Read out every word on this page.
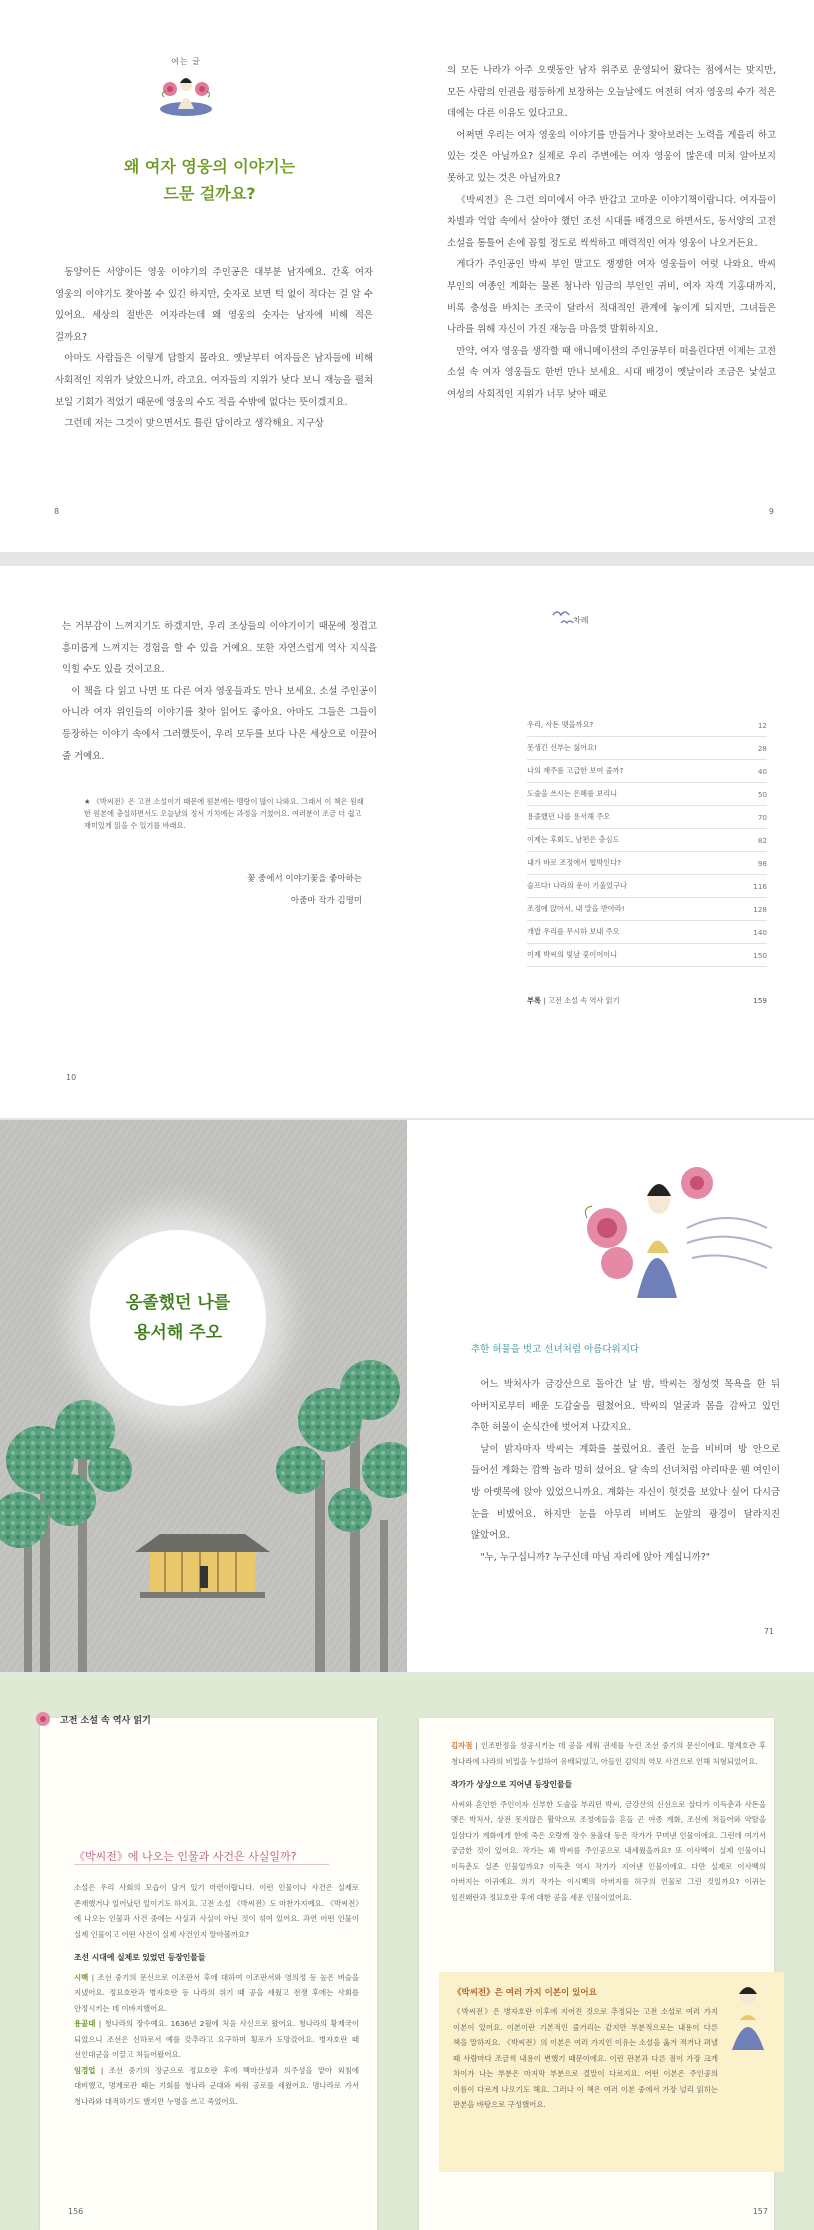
여는 글
왜 여자 영웅의 이야기는
드문 걸까요?

동양이든 서양이든 영웅 이야기의 주인공은 대부분 남자예요. 간혹 여자 영웅의 이야기도 찾아볼 수 있긴 하지만, 숫자로 보면 턱 없이 적다는 걸 알 수 있어요. 세상의 절반은 여자라는데 왜 영웅의 숫자는 남자에 비해 적은 걸까요?

아마도 사람들은 이렇게 답할지 몰라요. 옛날부터 여자들은 남자들에 비해 사회적인 지위가 낮았으니까, 라고요. 여자들의 지위가 낮다 보니 재능을 펼쳐 보일 기회가 적었기 때문에 영웅의 수도 적을 수밖에 없다는 뜻이겠지요.

그런데 저는 그것이 맞으면서도 틀린 답이라고 생각해요. 지구상

8

의 모든 나라가 아주 오랫동안 남자 위주로 운영되어 왔다는 점에서는 맞지만, 모든 사람의 인권을 평등하게 보장하는 오늘날에도 여전히 여자 영웅의 수가 적은 데에는 다른 이유도 있다고요.

어쩌면 우리는 여자 영웅의 이야기를 만들거나 찾아보려는 노력을 게을리 하고 있는 것은 아닐까요? 실제로 우리 주변에는 여자 영웅이 많은데 미처 알아보지 못하고 있는 것은 아닐까요?

《박씨전》은 그런 의미에서 아주 반갑고 고마운 이야기책이랍니다. 여자들이 차별과 억압 속에서 살아야 했던 조선 시대를 배경으로 하면서도, 동서양의 고전 소설을 통틀어 손에 꼽힐 정도로 씩씩하고 매력적인 여자 영웅이 나오거든요.

게다가 주인공인 박씨 부인 말고도 쟁쟁한 여자 영웅들이 여럿 나와요. 박씨 부인의 여종인 계화는 물론 청나라 임금의 부인인 귀비, 여자 자객 기홍대까지, 비록 충성을 바치는 조국이 달라서 적대적인 관계에 놓이게 되지만, 그녀들은 나라를 위해 자신이 가진 재능을 마음껏 발휘하지요.

만약, 여자 영웅을 생각할 때 애니메이션의 주인공부터 떠올린다면 이제는 고전 소설 속 여자 영웅들도 한번 만나 보세요. 시대 배경이 옛날이라 조금은 낯설고 여성의 사회적인 지위가 너무 낮아 때로

9

는 거부감이 느껴지기도 하겠지만, 우리 조상들의 이야기이기 때문에 정겹고 흥미롭게 느껴지는 경험을 할 수 있을 거예요. 또한 자연스럽게 역사 지식을 익힐 수도 있을 것이고요.

이 책을 다 읽고 나면 또 다른 여자 영웅들과도 만나 보세요. 소설 주인공이 아니라 여자 위인들의 이야기를 찾아 읽어도 좋아요. 아마도 그들은 그들이 등장하는 이야기 속에서 그러했듯이, 우리 모두를 보다 나은 세상으로 이끌어 줄 거예요.

★ 《박씨전》은 고전 소설이기 때문에 원본에는 맹랑이 많이 나와요. 그래서 이 책은 원래한 원본에 충실하면서도 오늘날의 정서 가치에는 과정을 거쳤어요. 여러분이 조금 더 쉽고 재미있게 읽을 수 있기를 바래요.
꽃 중에서 이야기꽃을 좋아하는
아줌마 작가 김명미
10
차례
우리, 사돈 맺을까요?	12
못생긴 신부는 싫어요!	28
나의 재주를 고급한 보여 줄까?	40
도술을 쓰시는 은혜를 보리니	50
용졸했던 나를 용서해 주오	70
이제는 후회도, 남편은 충심도	82
내가 바로 조정에서 협박인다?	98
슬프다! 나라의 운이 기울었구나	116
조정에 앉아서, 내 말을 받아라!	128
개밥 우리를 무시하 보내 주오	140
이제 박씨의 빛날 꽃이어이니	150
부록 | 고전 소설 속 역사 읽기	159
옹졸했던 나를
용서해 주오
추한 허물을 벗고 선녀처럼 아름다워지다

어느 박처사가 금강산으로 돌아간 날 밤, 박씨는 정성껏 목욕을 한 뒤 아버지로부터 배운 도갑술을 펼쳤어요. 박씨의 얼굴과 몸을 감싸고 있던 추한 허물이 순식간에 벗어져 나갔지요.

날이 밝자마자 박씨는 계화를 불렀어요. 졸린 눈을 비비며 방 안으로 들어선 계화는 깜짝 놀라 멍히 섰어요. 달 속의 선녀처럼 아리따운 웬 여인이 방 아랫목에 앉아 있었으니까요. 계화는 자신이 헛것을 보았나 싶어 다시금 눈을 비볐어요. 하지만 눈을 아무리 비벼도 눈앞의 광경이 달라지진 않았어요.

"누, 누구십니까? 누구신데 마님 자리에 앉아 계십니까?"

71
고전 소설 속 역사 읽기
《박씨전》에 나오는 인물과 사건은 사실일까?

소설은 우리 사회의 모습이 담겨 있기 마련이랍니다. 이런 인물이나 사건은 실제로 존재했거나 일어났던 일이기도 하지요. 고전 소설 《박씨전》도 마찬가지예요. 《박씨전》에 나오는 인물과 사건 중에는 사실과 사실이 아닌 것이 섞여 있어요. 과연 어떤 인물이 실제 인물이고 어떤 사건이 실제 사건인지 알아볼까요?

조선 시대에 실제로 있었던 등장인물들

시백 | 조선 중기의 문신으로 이조판서 후에 대하여 이조판서와 영의정 등 높은 벼슬을 지냈어요. 정묘호란과 병자호란 등 나라의 위기 때 공을 세웠고 전쟁 후에는 사회를 안정시키는 데 이바지했어요.

용골대 | 청나라의 장수예요. 1636년 2월에 처음 사신으로 왔어요. 청나라의 황제국이 되었으니 조선은 신하로서 예를 갖추라고 요구하며 횡포가 도망갔어요. 병자호란 때 선인대군을 이끌고 처들어왔어요.

임경업 | 조선 중기의 장군으로 정묘호란 후에 백마산성과 의주성을 맡아 외침에 대비했고, 명계로관 때는 기회를 청나라 군대와 싸워 공로를 세웠어요. 명나라로 가서 청나라와 대적하기도 했지만 누명을 쓰고 죽었어요.

156

김자점 | 인조반정을 성공시키는 데 공을 세워 권세를 누린 조선 중기의 문신이에요. 명계호관 후 청나라에 나라의 비밀을 누설하여 유배되었고, 아들인 김익의 역모 사건으로 인해 처형되었어요.

작가가 상상으로 지어낸 등장인물들

사씨와 혼인한 주인이자 신부한 도술을 부리던 박씨, 금강산의 신선으로 살다가 이득춘과 사돈을 맺은 박처사, 상전 못지않은 활약으로 조정에들을 흔들 곤 여종 계화, 조선에 쳐들어와 약탈을 일삼다가 계화에게 한에 죽은 오랑캐 장수 용울대 등은 작가가 꾸며낸 인물이에요. 그런데 여기서 궁금한 것이 있어요. 작가는 왜 박씨를 주인공으로 내세웠을까요? 또 이사벡이 실제 인물이니 이득춘도 실존 인물일까요? 이득춘 역시 작가가 지어낸 인물이에요. 다만 실제로 이사벡의 아버지는 이귀예요. 의기 작가는 이시벡의 아버지를 허구의 인물로 그린 것일까요? 이귀는 임진왜란과 정묘호란 후에 대한 공을 세운 인물이었어요.

《박씨전》은 여러 가지 이본이 있어요

《박씨전》은 병자호란 이후에 지어진 것으로 추정되는 고전 소설로 여러 가지 이본이 있어요. 이본이란 기본적인 줄거리는 같지만 부분적으로는 내용이 다른 책을 말하지요. 《박씨전》의 이본은 여러 가지인 이유는 소설을 옮겨 적거나 펴낼 때 사람마다 조금씩 내용이 변했기 때문이에요. 이런 판본과 다른 점이 가장 크게 차이가 나는 부분은 마지막 부분으로 결말이 다르지요. 어떤 이본은 주인공의 이름이 다르게 나오기도 해요. 그러나 이 책은 여러 이본 중에서 가장 널리 읽히는 판본을 바탕으로 구성했어요.

157
